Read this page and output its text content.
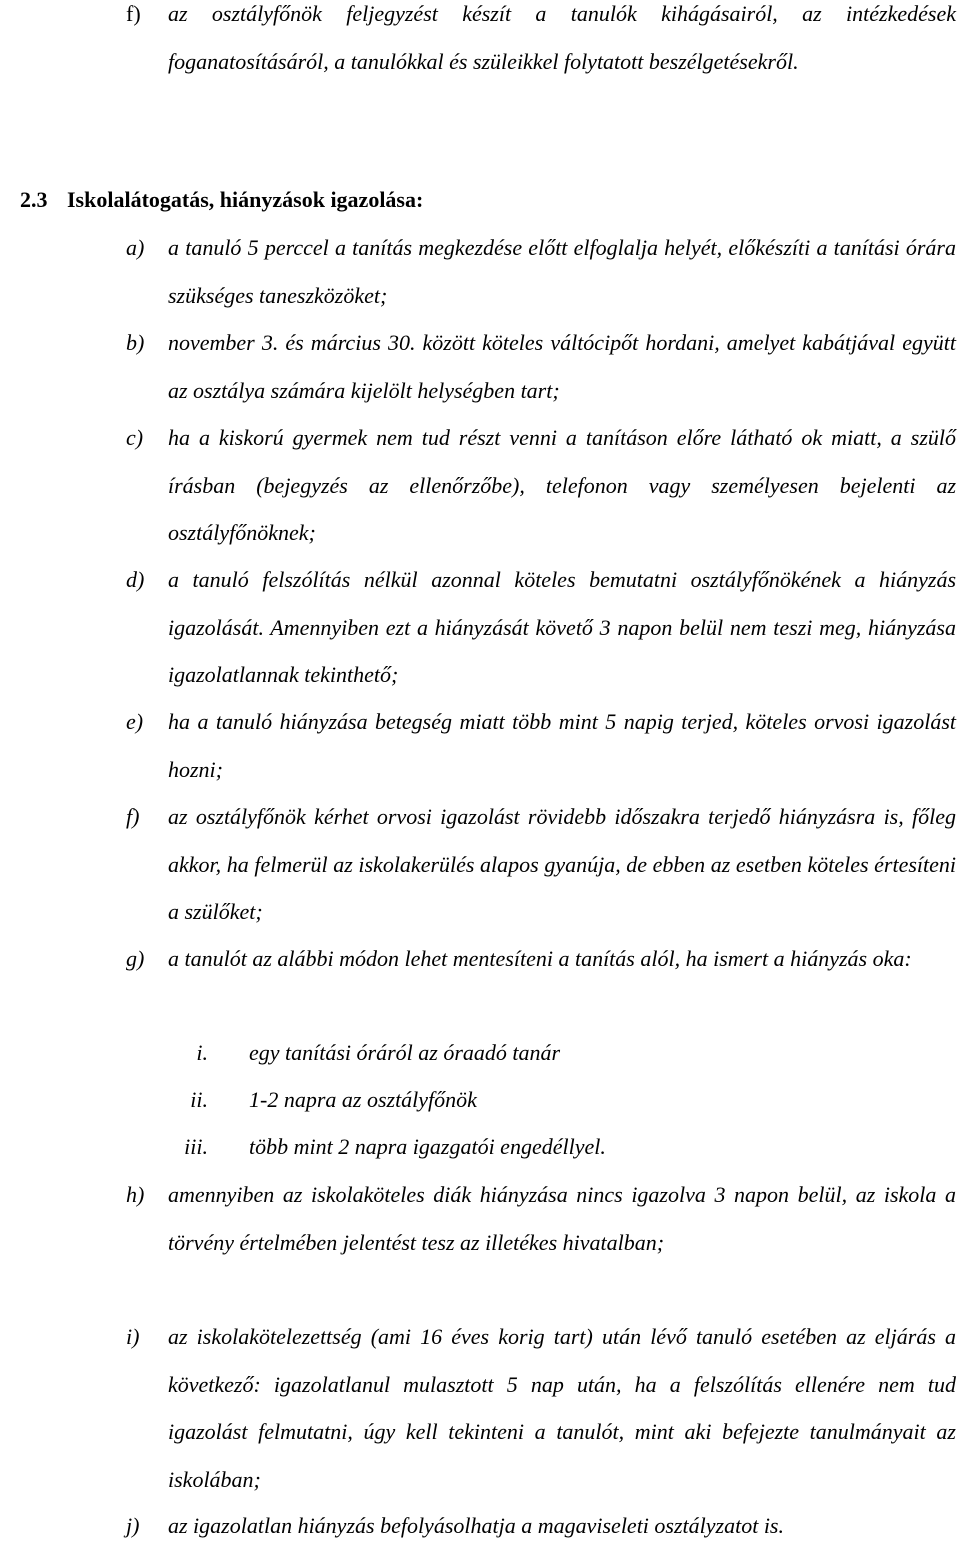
f) az osztályfőnök feljegyzést készít a tanulók kihágásairól, az intézkedések foganatosításáról, a tanulókkal és szüleikkel folytatott beszélgetésekről.
2.3 Iskolalátogatás, hiányzások igazolása:
a) a tanuló 5 perccel a tanítás megkezdése előtt elfoglalja helyét, előkészíti a tanítási órára szükséges taneszközöket;
b) november 3. és március 30. között köteles váltócipőt hordani, amelyet kabátjával együtt az osztálya számára kijelölt helységben tart;
c) ha a kiskorú gyermek nem tud részt venni a tanításon előre látható ok miatt, a szülő írásban (bejegyzés az ellenőrzőbe), telefonon vagy személyesen bejelenti az osztályfőnöknek;
d) a tanuló felszólítás nélkül azonnal köteles bemutatni osztályfőnökének a hiányzás igazolását. Amennyiben ezt a hiányzását követő 3 napon belül nem teszi meg, hiányzása igazolatlannak tekinthető;
e) ha a tanuló hiányzása betegség miatt több mint 5 napig terjed, köteles orvosi igazolást hozni;
f) az osztályfőnök kérhet orvosi igazolást rövidebb időszakra terjedő hiányzásra is, főleg akkor, ha felmerül az iskolakerülés alapos gyanúja, de ebben az esetben köteles értesíteni a szülőket;
g) a tanulót az alábbi módon lehet mentesíteni a tanítás alól, ha ismert a hiányzás oka:
i. egy tanítási óráról az óraadó tanár
ii. 1-2 napra az osztályfőnök
iii. több mint 2 napra igazgatói engedéllyel.
h) amennyiben az iskolaköteles diák hiányzása nincs igazolva 3 napon belül, az iskola a törvény értelmében jelentést tesz az illetékes hivatalban;
i) az iskolakötelezettség (ami 16 éves korig tart) után lévő tanuló esetében az eljárás a következő: igazolatlanul mulasztott 5 nap után, ha a felszólítás ellenére nem tud igazolást felmutatni, úgy kell tekinteni a tanulót, mint aki befejezte tanulmányait az iskolában;
j) az igazolatlan hiányzás befolyásolhatja a magaviseleti osztályzatot is.
